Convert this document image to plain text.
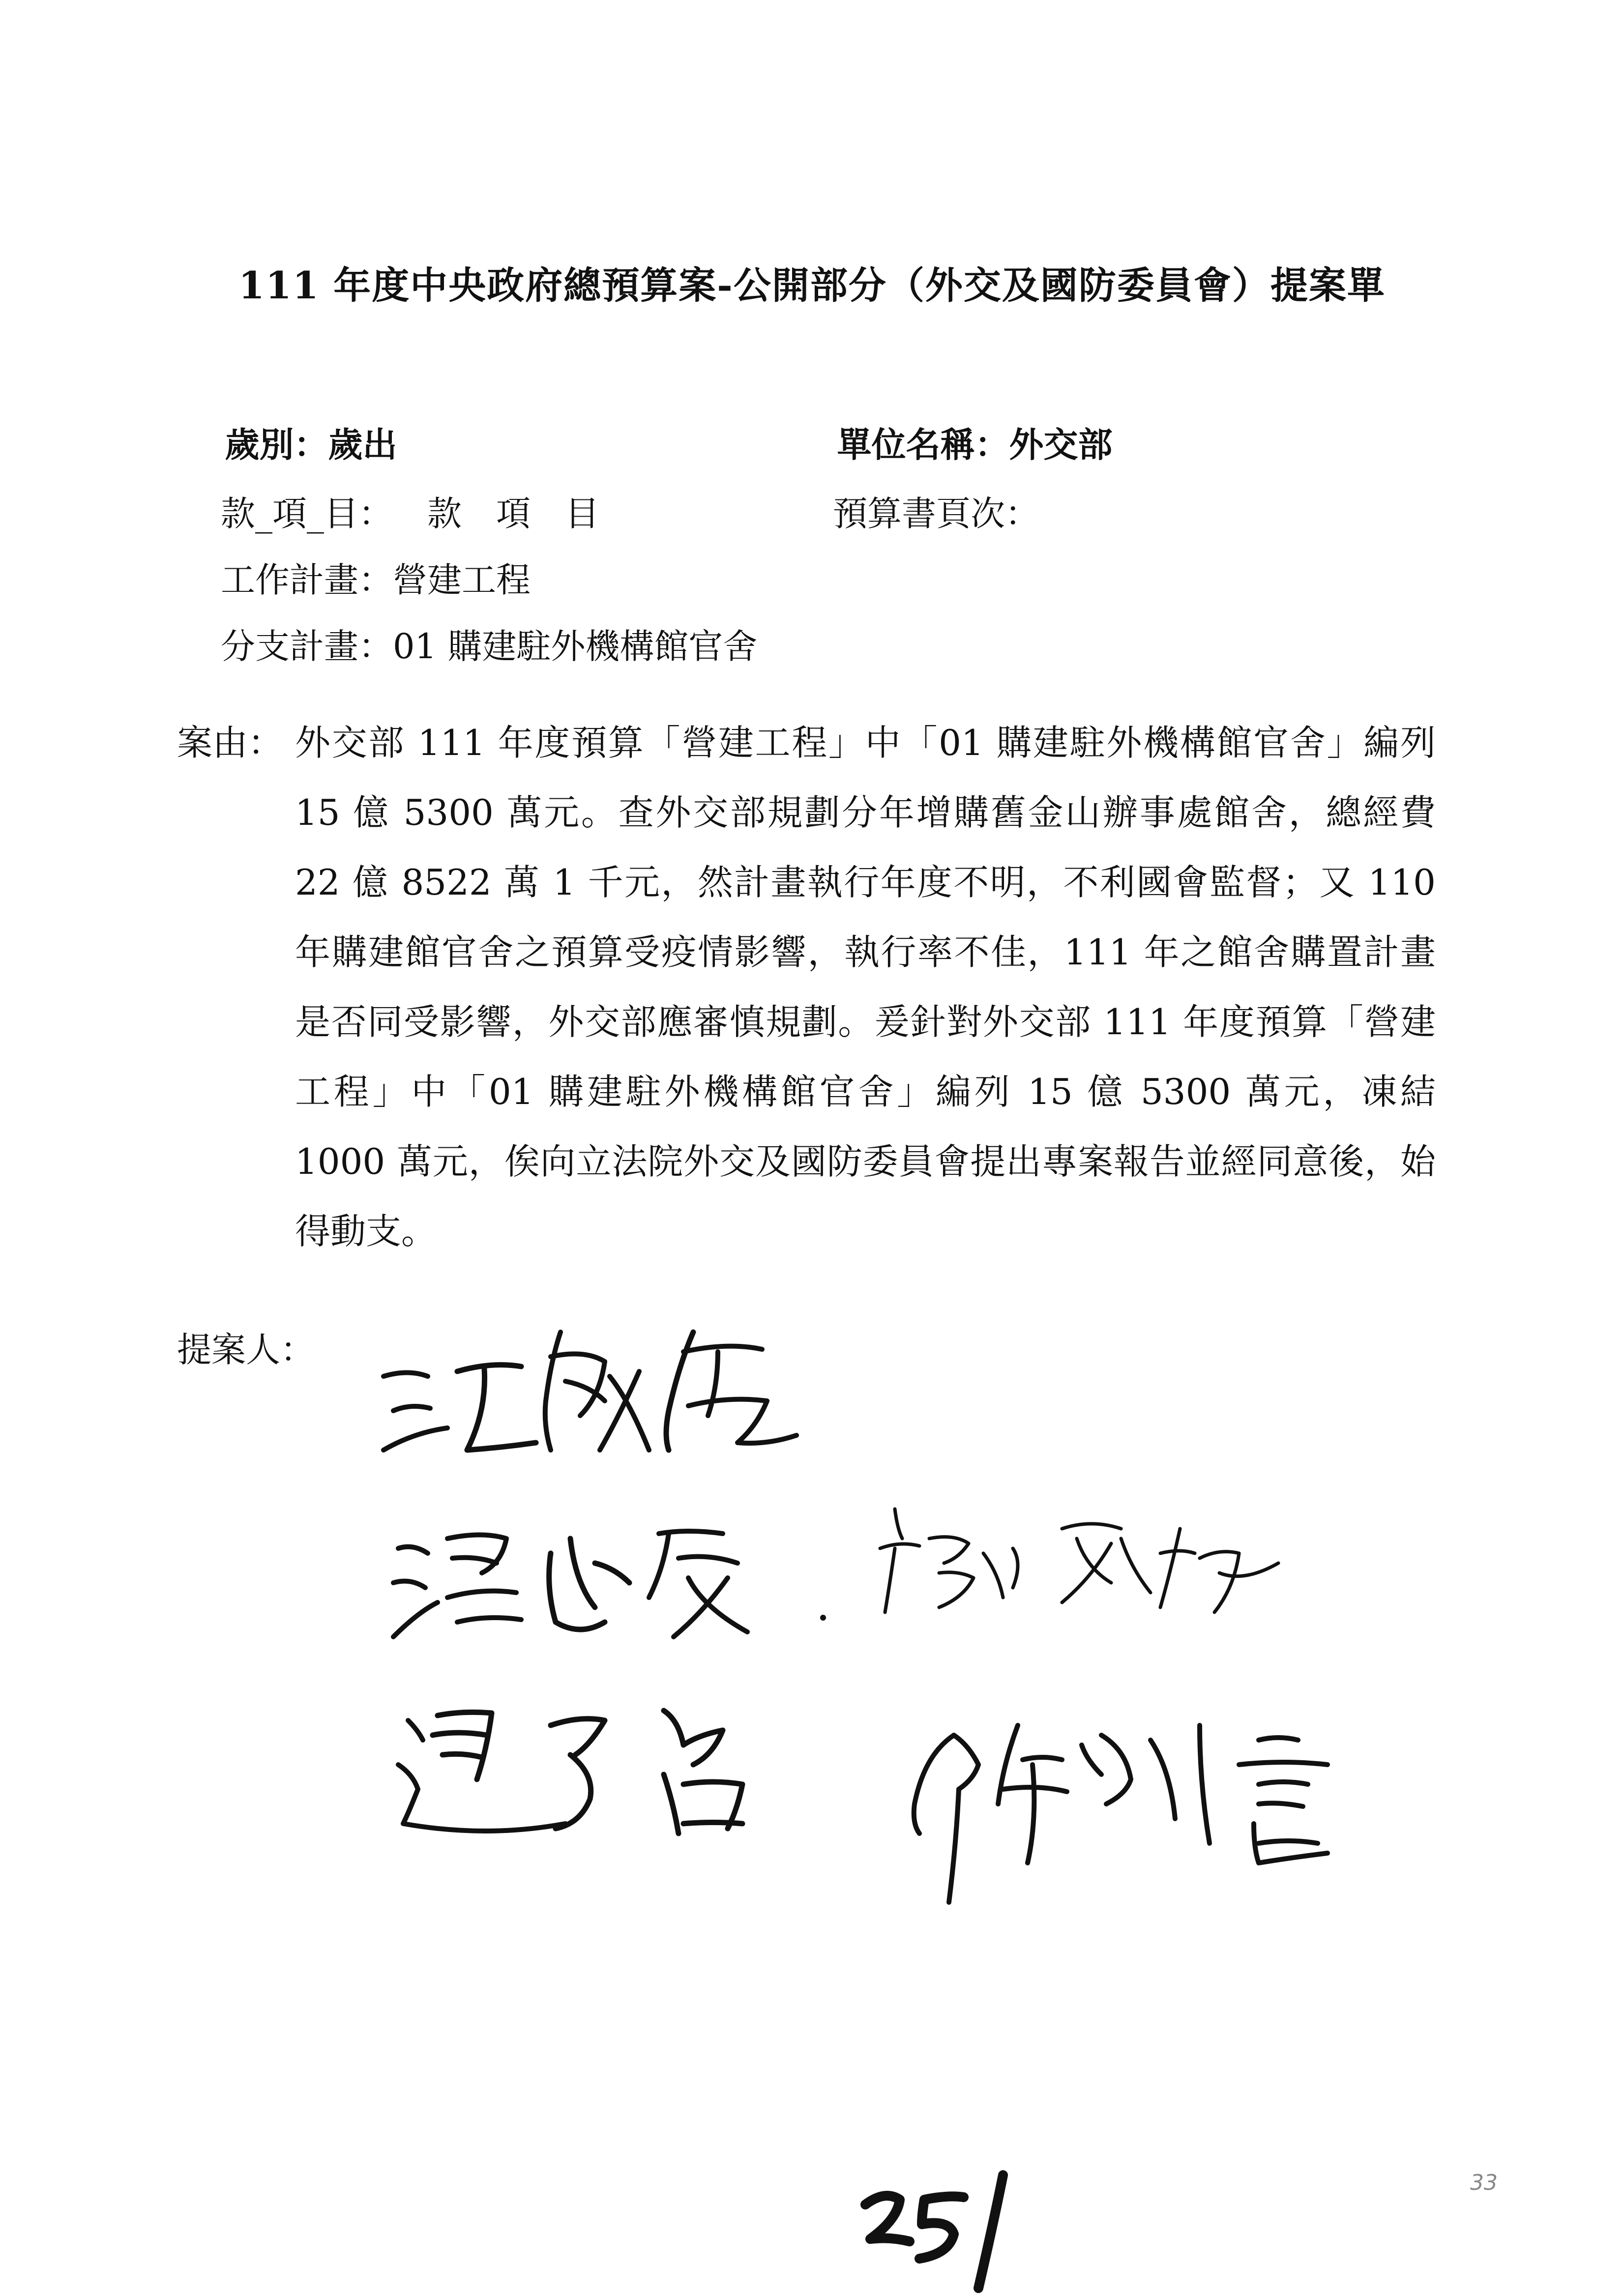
111 年度中央政府總預算案-公開部分（外交及國防委員會）提案單

歲別：歲出
	單位名稱：外交部

款_項_目： 款　項　目
	預算書頁次：

工作計畫：營建工程

分支計畫：01 購建駐外機構館官舍

案由： 外交部 111 年度預算「營建工程」中「01 購建駐外機構館官舍」編列 15 億 5300 萬元。查外交部規劃分年增購舊金山辦事處館舍，總經費 22 億 8522 萬 1 千元，然計畫執行年度不明，不利國會監督；又 110 年購建館官舍之預算受疫情影響，執行率不佳，111 年之館舍購置計畫是否同受影響，外交部應審慎規劃。爰針對外交部 111 年度預算「營建工程」中「01 購建駐外機構館官舍」編列 15 億 5300 萬元，凍結 1000 萬元，俟向立法院外交及國防委員會提出專案報告並經同意後，始得動支。
提案人：
33
